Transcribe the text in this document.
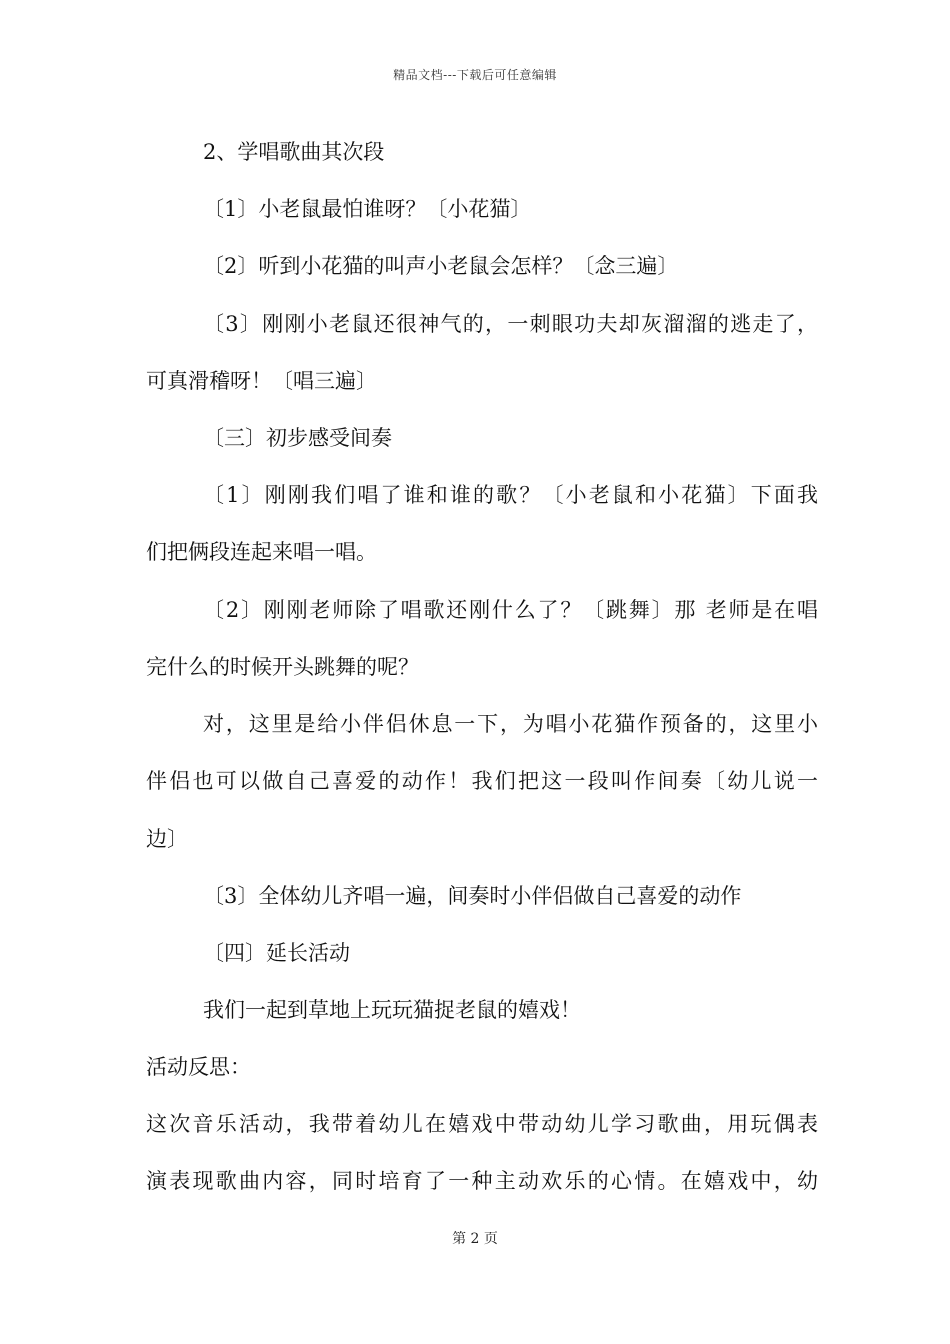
精品文档---下载后可任意编辑
2、学唱歌曲其次段
〔1〕小老鼠最怕谁呀？〔小花猫〕
〔2〕听到小花猫的叫声小老鼠会怎样？〔念三遍〕
〔3〕刚刚小老鼠还很神气的，一刺眼功夫却灰溜溜的逃走了，
可真滑稽呀！〔唱三遍〕
〔三〕初步感受间奏
〔1〕刚刚我们唱了谁和谁的歌？〔小老鼠和小花猫〕下面我
们把俩段连起来唱一唱。
〔2〕刚刚老师除了唱歌还刚什么了？〔跳舞〕那 老师是在唱
完什么的时候开头跳舞的呢？
对，这里是给小伴侣休息一下，为唱小花猫作预备的，这里小
伴侣也可以做自己喜爱的动作！我们把这一段叫作间奏〔幼儿说一
边〕
〔3〕全体幼儿齐唱一遍，间奏时小伴侣做自己喜爱的动作
〔四〕延长活动
我们一起到草地上玩玩猫捉老鼠的嬉戏！
活动反思：
这次音乐活动，我带着幼儿在嬉戏中带动幼儿学习歌曲，用玩偶表
演表现歌曲内容，同时培育了一种主动欢乐的心情。在嬉戏中，幼
第 2 页
